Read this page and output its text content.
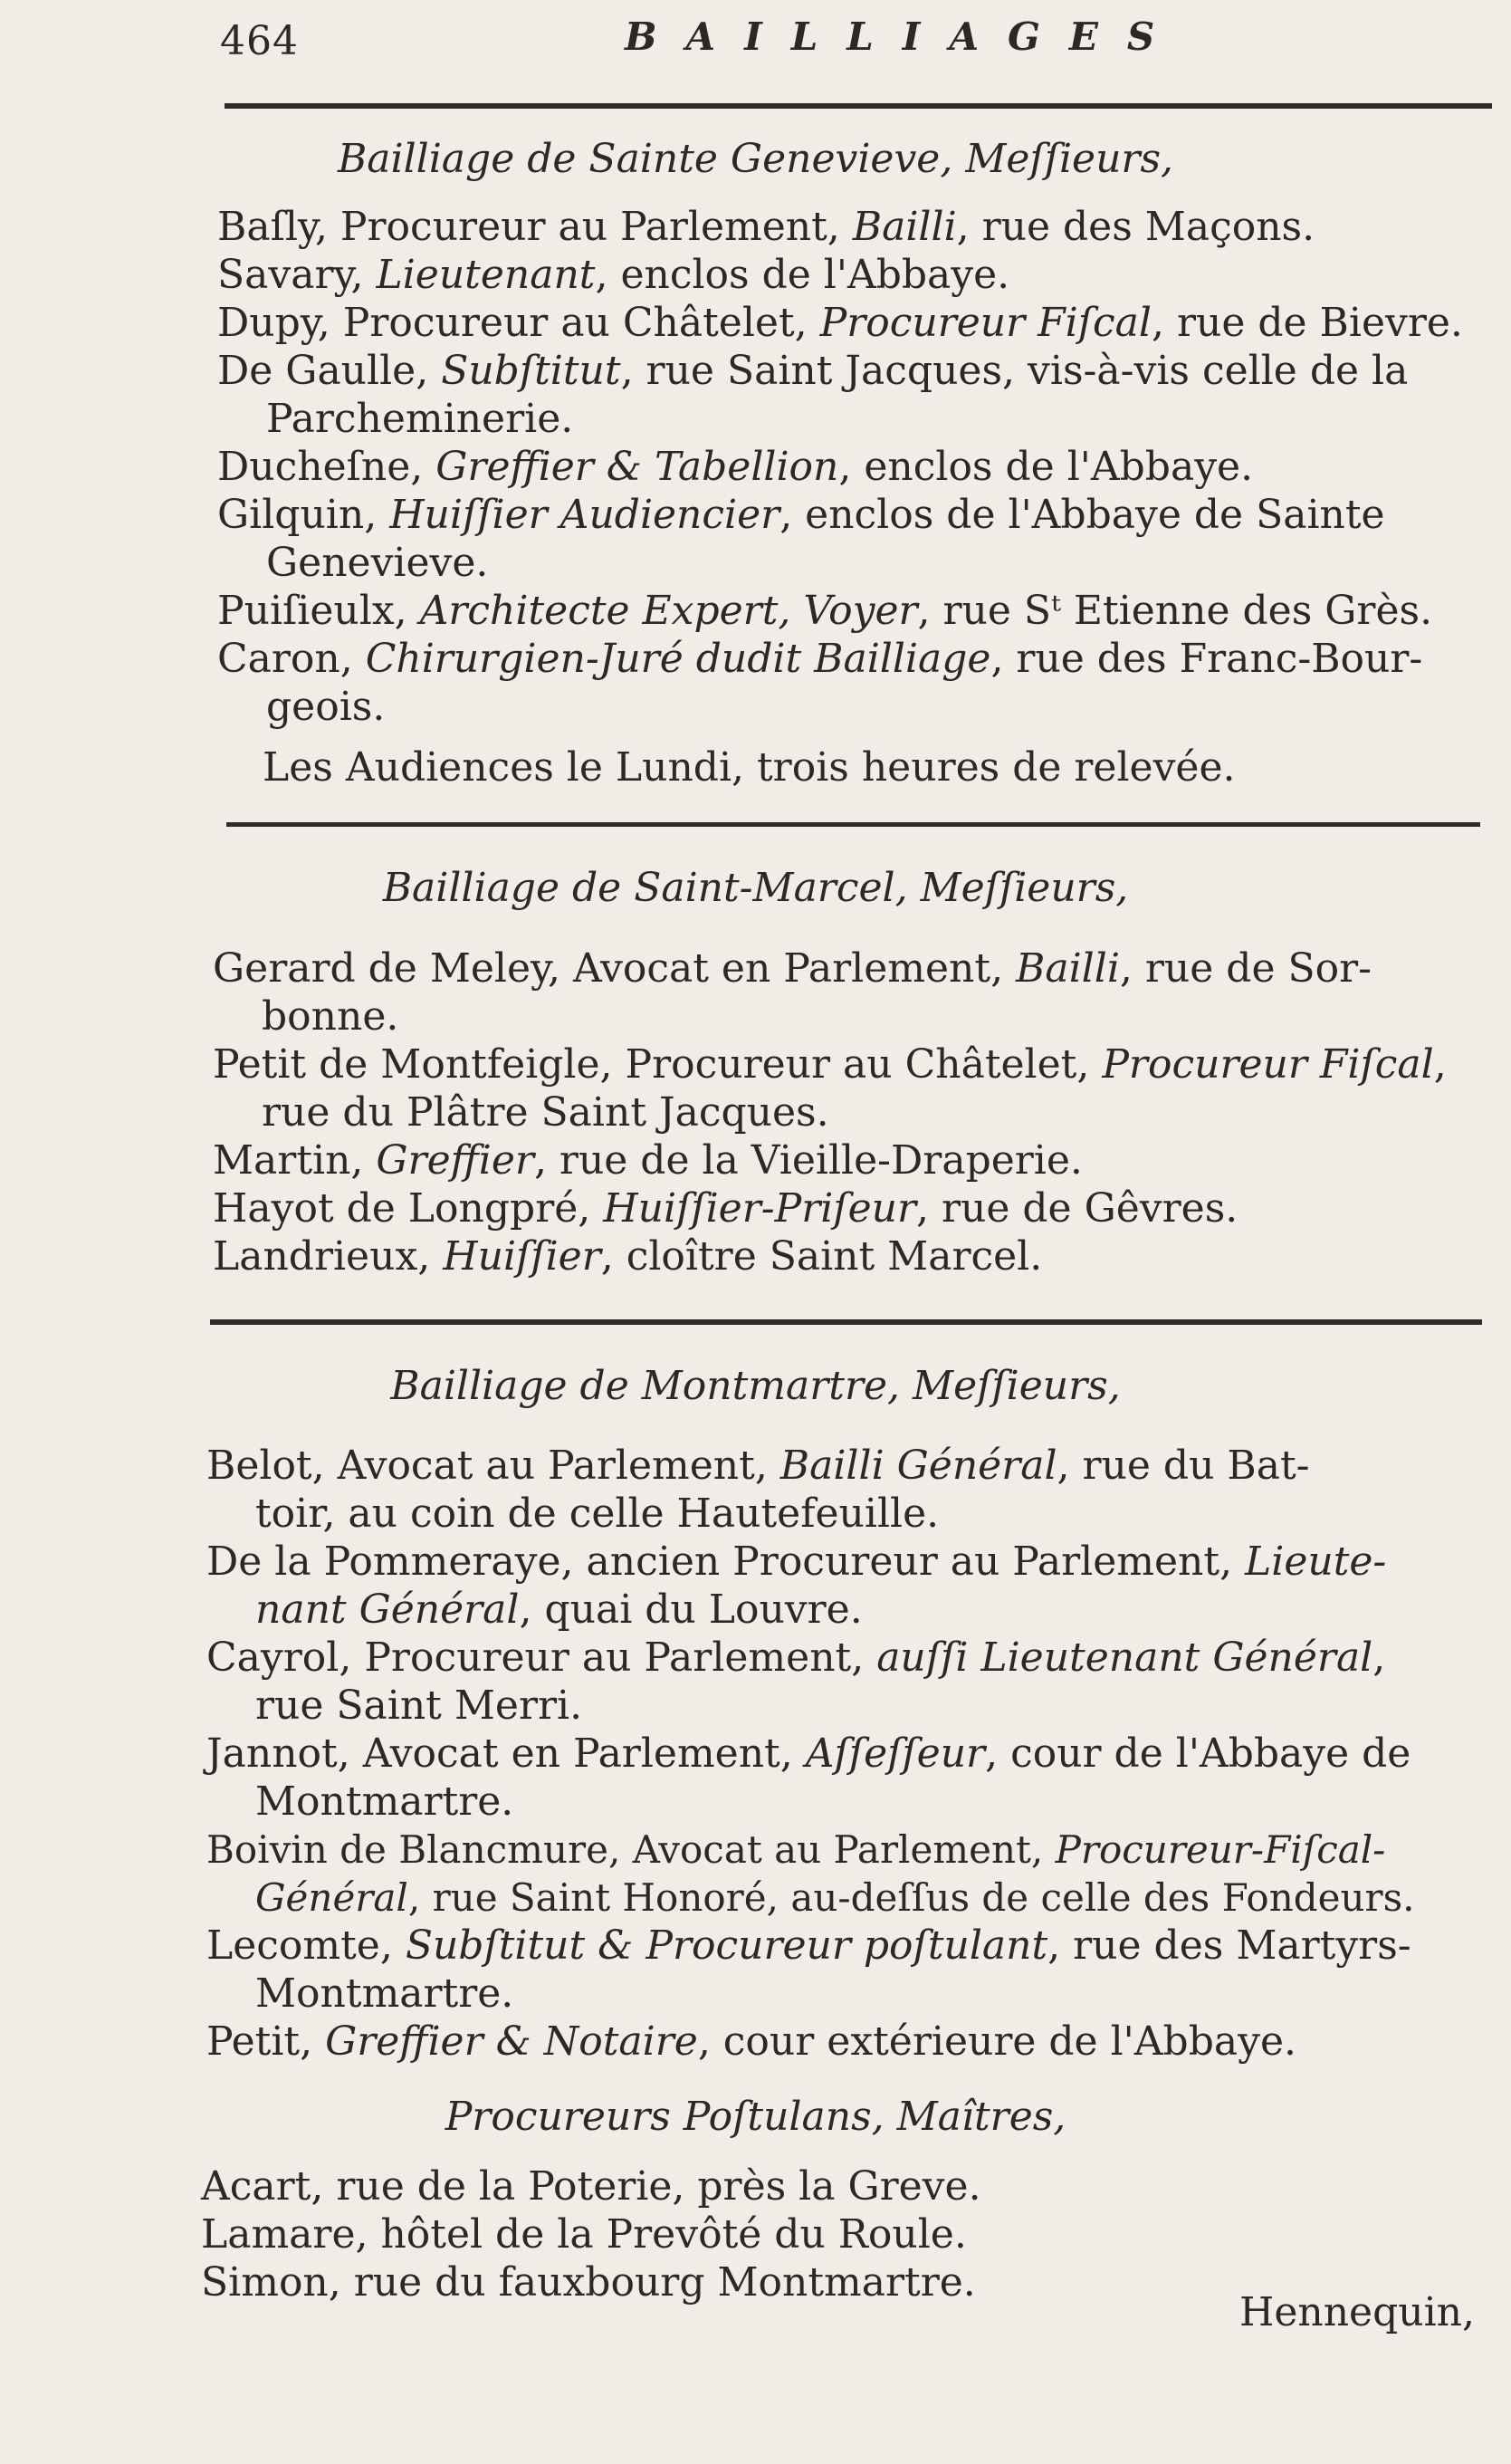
464	BAILLIAGES
Bailliage de Sainte Genevieve, Meſſieurs,
Baſly, Procureur au Parlement, Bailli, rue des Maçons.
Savary, Lieutenant, enclos de l'Abbaye.
Dupy, Procureur au Châtelet, Procureur Fiſcal, rue de Bievre.
De Gaulle, Subſtitut, rue Saint Jacques, vis-à-vis celle de la
Parcheminerie.
Ducheſne, Greffier & Tabellion, enclos de l'Abbaye.
Gilquin, Huiſſier Audiencier, enclos de l'Abbaye de Sainte
Genevieve.
Puiſieulx, Architecte Expert, Voyer, rue Sᵗ Etienne des Grès.
Caron, Chirurgien-Juré dudit Bailliage, rue des Franc-Bour-
geois.
Les Audiences le Lundi, trois heures de relevée.
Bailliage de Saint-Marcel, Meſſieurs,
Gerard de Meley, Avocat en Parlement, Bailli, rue de Sor-
bonne.
Petit de Montfeigle, Procureur au Châtelet, Procureur Fiſcal,
rue du Plâtre Saint Jacques.
Martin, Greffier, rue de la Vieille-Draperie.
Hayot de Longpré, Huiſſier-Priſeur, rue de Gêvres.
Landrieux, Huiſſier, cloître Saint Marcel.
Bailliage de Montmartre, Meſſieurs,
Belot, Avocat au Parlement, Bailli Général, rue du Bat-
toir, au coin de celle Hautefeuille.
De la Pommeraye, ancien Procureur au Parlement, Lieute-
nant Général, quai du Louvre.
Cayrol, Procureur au Parlement, auſſi Lieutenant Général,
rue Saint Merri.
Jannot, Avocat en Parlement, Aſſeſſeur, cour de l'Abbaye de
Montmartre.
Boivin de Blancmure, Avocat au Parlement, Procureur-Fiſcal-
Général, rue Saint Honoré, au-deſſus de celle des Fondeurs.
Lecomte, Subſtitut & Procureur poſtulant, rue des Martyrs-
Montmartre.
Petit, Greffier & Notaire, cour extérieure de l'Abbaye.
Procureurs Poſtulans, Maîtres,
Acart, rue de la Poterie, près la Greve.
Lamare, hôtel de la Prevôté du Roule.
Simon, rue du fauxbourg Montmartre.
Hennequin,
